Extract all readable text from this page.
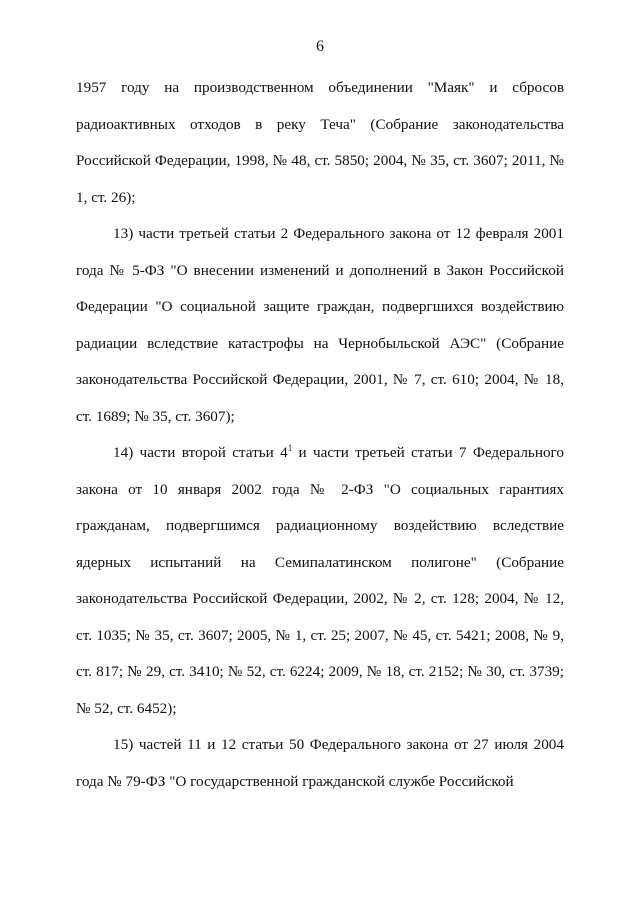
6

1957 году на производственном объединении "Маяк" и сбросов радиоактивных отходов в реку Теча" (Собрание законодательства Российской Федерации, 1998, № 48, ст. 5850; 2004, № 35, ст. 3607; 2011, № 1, ст. 26);

13) части третьей статьи 2 Федерального закона от 12 февраля 2001 года № 5-ФЗ "О внесении изменений и дополнений в Закон Российской Федерации "О социальной защите граждан, подвергшихся воздействию радиации вследствие катастрофы на Чернобыльской АЭС" (Собрание законодательства Российской Федерации, 2001, № 7, ст. 610; 2004, № 18, ст. 1689; № 35, ст. 3607);

14) части второй статьи $4^1$ и части третьей статьи 7 Федерального закона от 10 января 2002 года № 2-ФЗ "О социальных гарантиях гражданам, подвергшимся радиационному воздействию вследствие ядерных испытаний на Семипалатинском полигоне" (Собрание законодательства Российской Федерации, 2002, № 2, ст. 128; 2004, № 12, ст. 1035; № 35, ст. 3607; 2005, № 1, ст. 25; 2007, № 45, ст. 5421; 2008, № 9, ст. 817; № 29, ст. 3410; № 52, ст. 6224; 2009, № 18, ст. 2152; № 30, ст. 3739; № 52, ст. 6452);

15) частей 11 и 12 статьи 50 Федерального закона от 27 июля 2004 года № 79-ФЗ "О государственной гражданской службе Российской
